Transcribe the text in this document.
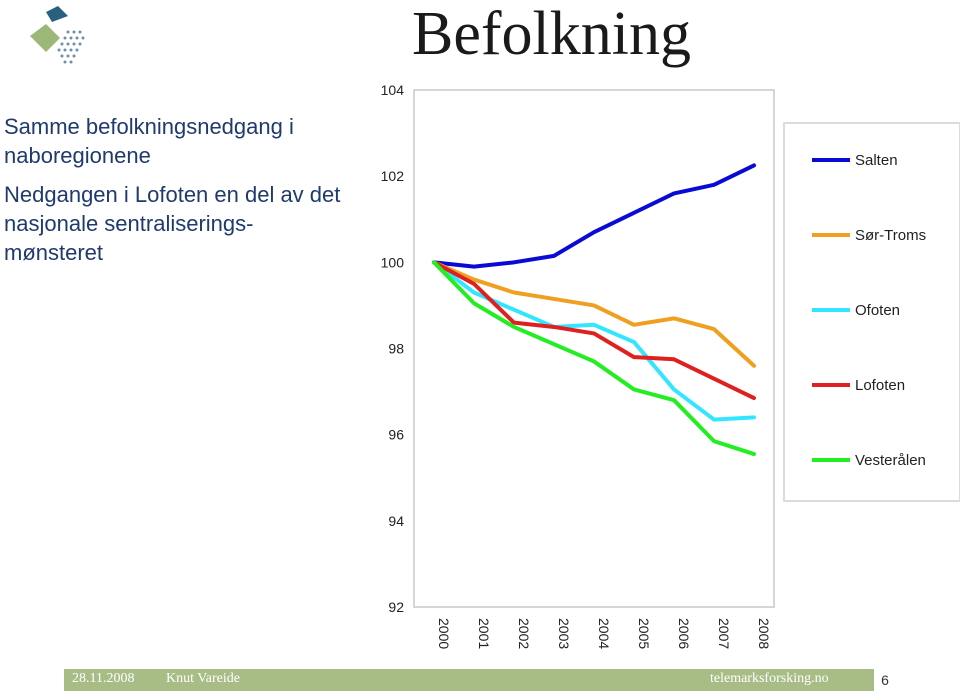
Befolkning

Samme befolkningsnedgang i naboregionene

Nedgangen i Lofoten en del av det nasjonale sentraliserings-mønsteret

104
102
100
98
96
94
92
2000 2001 2002 2003 2004 2005 2006 2007 2008
Salten
Sør-Troms
Ofoten
Lofoten
Vesterålen
28.11.2008 Knut Vareide	telemarksforsking.no	6
